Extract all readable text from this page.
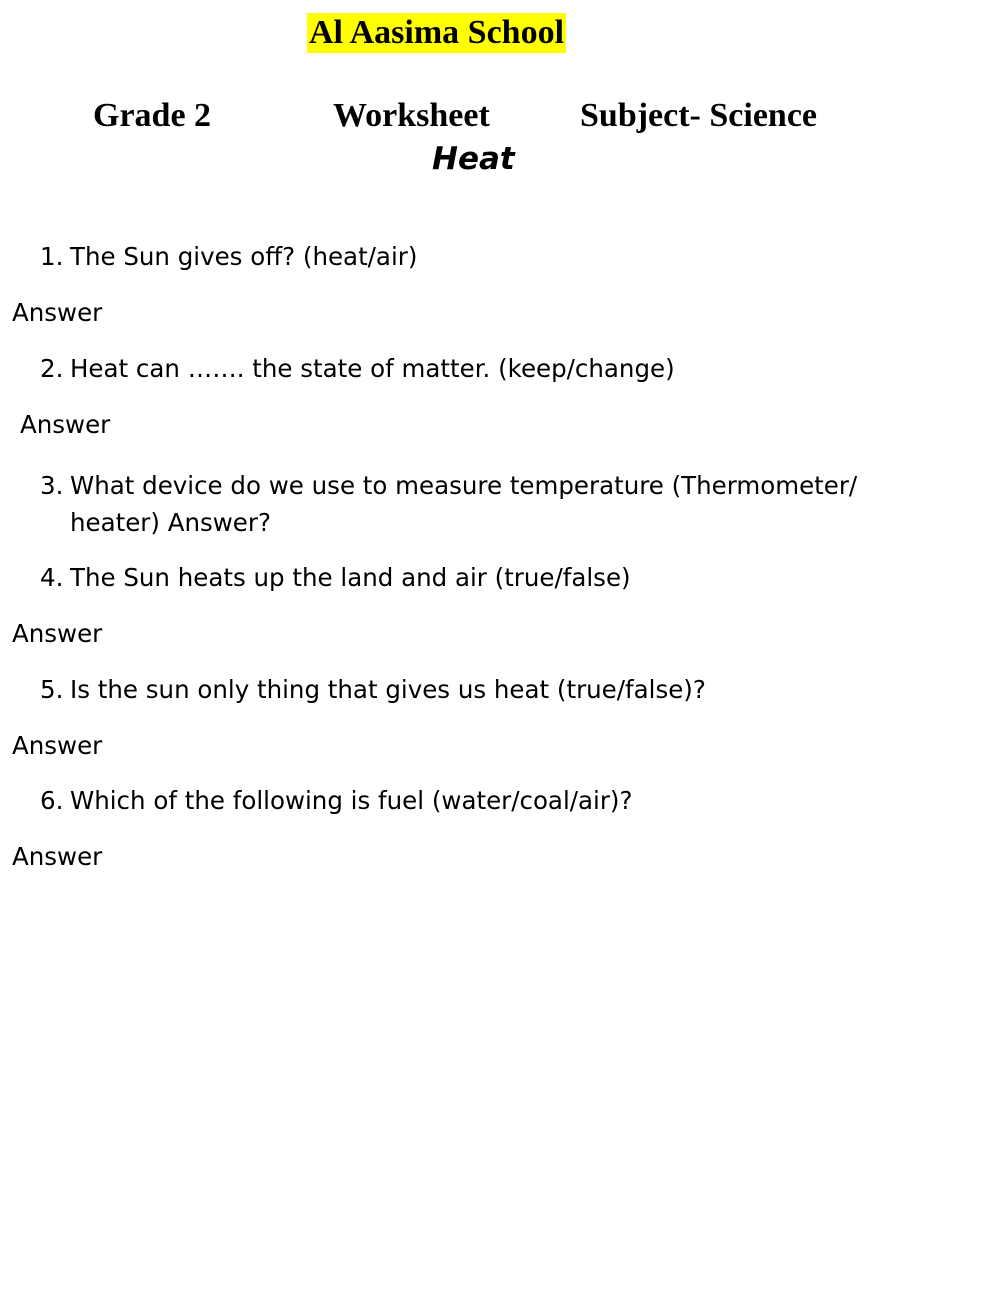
Al Aasima School
Grade 2	Worksheet	Subject- Science
Heat
1. The Sun gives off? (heat/air)
Answer
2. Heat can ……. the state of matter. (keep/change)
Answer
3. What device do we use to measure temperature (Thermometer/
heater) Answer?
4. The Sun heats up the land and air (true/false)
Answer
5. Is the sun only thing that gives us heat (true/false)?
Answer
6. Which of the following is fuel (water/coal/air)?
Answer
